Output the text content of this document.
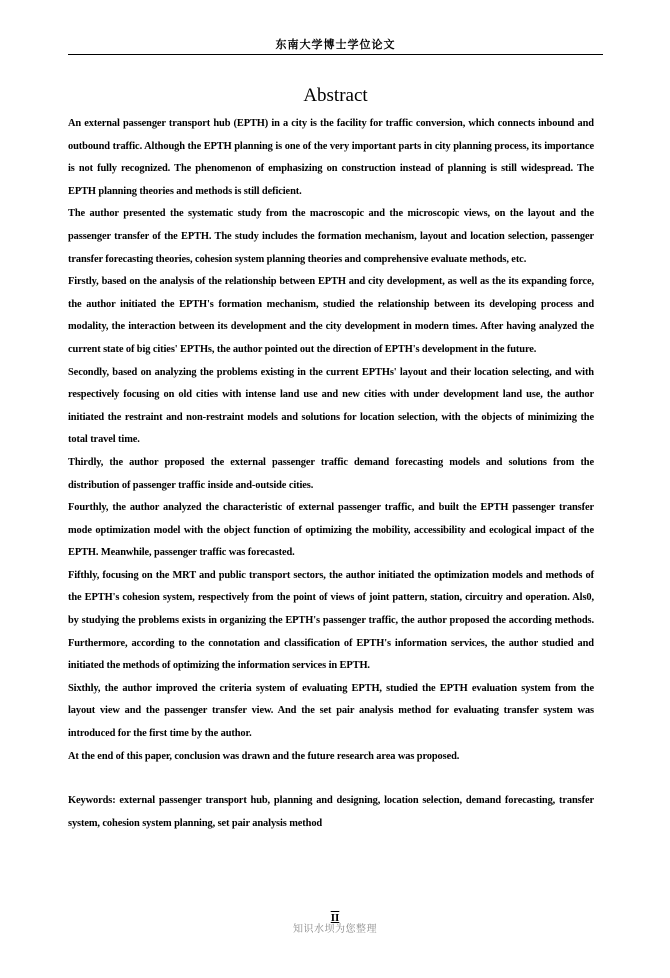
东南大学博士学位论文
Abstract

An external passenger transport hub (EPTH) in a city is the facility for traffic conversion, which connects inbound and outbound traffic. Although the EPTH planning is one of the very important parts in city planning process, its importance is not fully recognized. The phenomenon of emphasizing on construction instead of planning is still widespread. The EPTH planning theories and methods is still deficient.

The author presented the systematic study from the macroscopic and the microscopic views, on the layout and the passenger transfer of the EPTH. The study includes the formation mechanism, layout and location selection, passenger transfer forecasting theories, cohesion system planning theories and comprehensive evaluate methods, etc.

Firstly, based on the analysis of the relationship between EPTH and city development, as well as the its expanding force, the author initiated the EPTH's formation mechanism, studied the relationship between its developing process and modality, the interaction between its development and the city development in modern times. After having analyzed the current state of big cities' EPTHs, the author pointed out the direction of EPTH's development in the future.

Secondly, based on analyzing the problems existing in the current EPTHs' layout and their location selecting, and with respectively focusing on old cities with intense land use and new cities with under development land use, the author initiated the restraint and non-restraint models and solutions for location selection, with the objects of minimizing the total travel time.

Thirdly, the author proposed the external passenger traffic demand forecasting models and solutions from the distribution of passenger traffic inside and-outside cities.

Fourthly, the author analyzed the characteristic of external passenger traffic, and built the EPTH passenger transfer mode optimization model with the object function of optimizing the mobility, accessibility and ecological impact of the EPTH. Meanwhile, passenger traffic was forecasted.

Fifthly, focusing on the MRT and public transport sectors, the author initiated the optimization models and methods of the EPTH's cohesion system, respectively from the point of views of joint pattern, station, circuitry and operation. Als0, by studying the problems exists in organizing the EPTH's passenger traffic, the author proposed the according methods. Furthermore, according to the connotation and classification of EPTH's information services, the author studied and initiated the methods of optimizing the information services in EPTH.

Sixthly, the author improved the criteria system of evaluating EPTH, studied the EPTH evaluation system from the layout view and the passenger transfer view. And the set pair analysis method for evaluating transfer system was introduced for the first time by the author.

At the end of this paper, conclusion was drawn and the future research area was proposed.

Keywords: external passenger transport hub, planning and designing, location selection, demand forecasting, transfer system, cohesion system planning, set pair analysis method

II
知识水坝为您整理
